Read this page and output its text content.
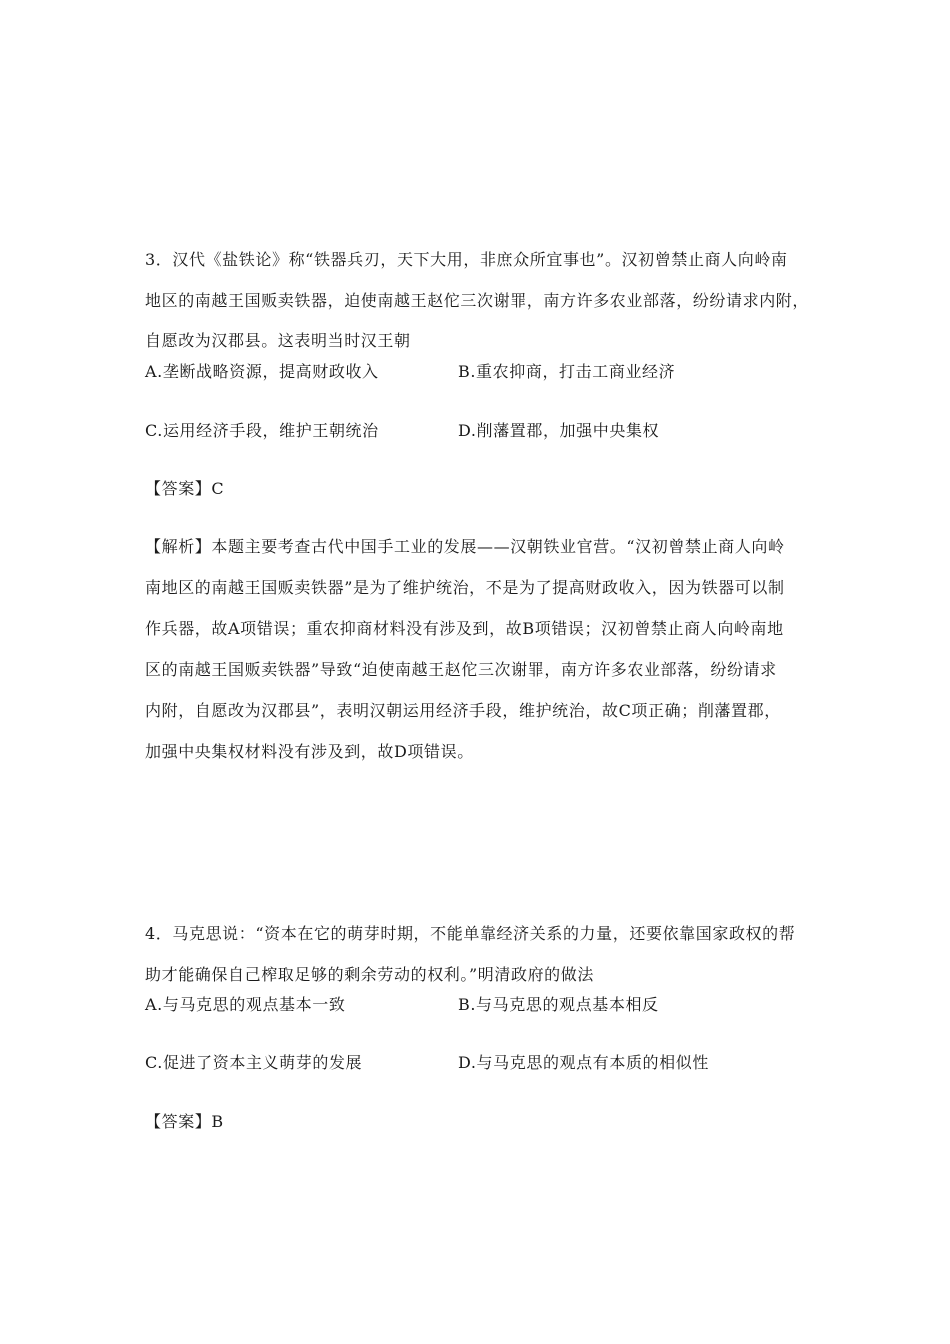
3．汉代《盐铁论》称“铁器兵刃，天下大用，非庶众所宜事也”。汉初曾禁止商人向岭南
地区的南越王国贩卖铁器，迫使南越王赵佗三次谢罪，南方许多农业部落，纷纷请求内附，
自愿改为汉郡县。这表明当时汉王朝
A.垄断战略资源，提高财政收入	B.重农抑商，打击工商业经济
C.运用经济手段，维护王朝统治	D.削藩置郡，加强中央集权
【答案】C
【解析】本题主要考查古代中国手工业的发展——汉朝铁业官营。“汉初曾禁止商人向岭
南地区的南越王国贩卖铁器”是为了维护统治，不是为了提高财政收入，因为铁器可以制
作兵器，故A项错误；重农抑商材料没有涉及到，故B项错误；汉初曾禁止商人向岭南地
区的南越王国贩卖铁器”导致“迫使南越王赵佗三次谢罪，南方许多农业部落，纷纷请求
内附，自愿改为汉郡县”，表明汉朝运用经济手段，维护统治，故C项正确；削藩置郡，
加强中央集权材料没有涉及到，故D项错误。
4．马克思说：“资本在它的萌芽时期，不能单靠经济关系的力量，还要依靠国家政权的帮
助才能确保自己榨取足够的剩余劳动的权利。”明清政府的做法
A.与马克思的观点基本一致	B.与马克思的观点基本相反
C.促进了资本主义萌芽的发展	D.与马克思的观点有本质的相似性
【答案】B
